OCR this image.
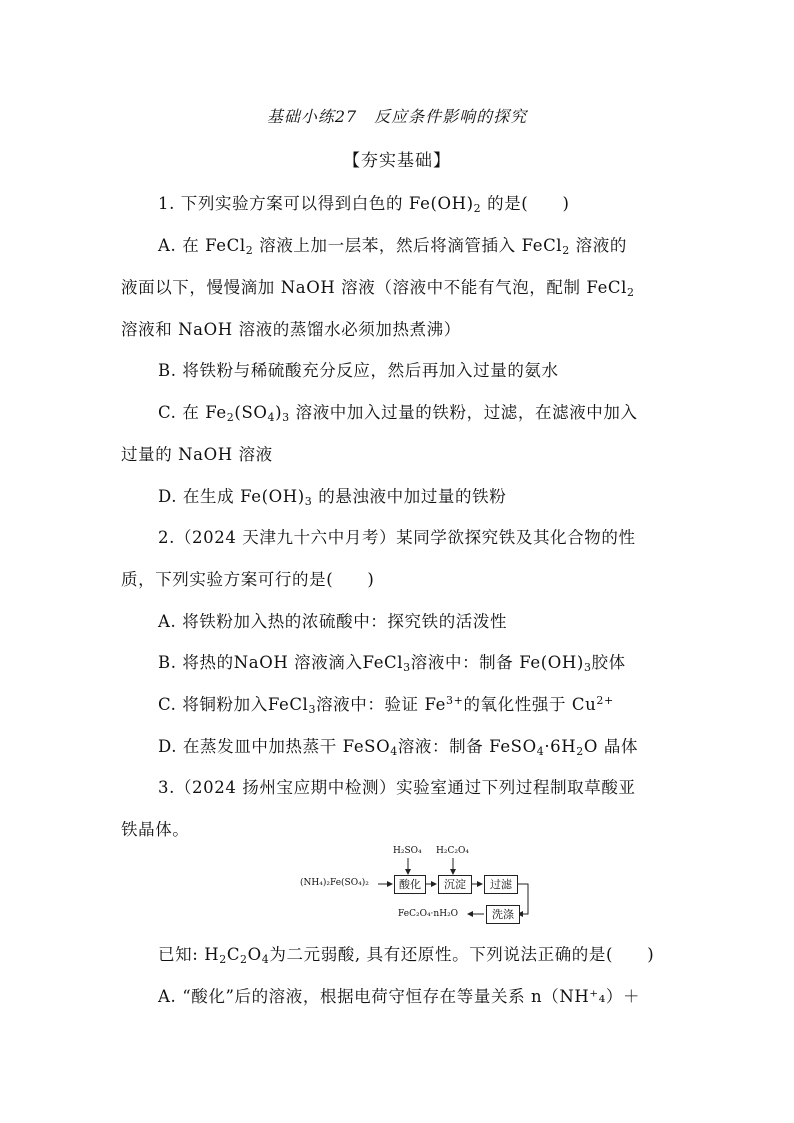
基础小练27　反应条件影响的探究
【夯实基础】
1. 下列实验方案可以得到白色的 $Fe(OH)_2$ 的是(　　)
A. 在 FeCl$_2$ 溶液上加一层苯，然后将滴管插入 FeCl$_2$ 溶液的
液面以下，慢慢滴加 NaOH 溶液（溶液中不能有气泡，配制 FeCl$_2$
溶液和 NaOH 溶液的蒸馏水必须加热煮沸）
B. 将铁粉与稀硫酸充分反应，然后再加入过量的氨水
C. 在 $Fe_2(SO_4)_3$ 溶液中加入过量的铁粉，过滤，在滤液中加入
过量的 NaOH 溶液
D. 在生成 $Fe(OH)_3$ 的悬浊液中加过量的铁粉
2.（2024 天津九十六中月考）某同学欲探究铁及其化合物的性
质，下列实验方案可行的是(　　)
A. 将铁粉加入热的浓硫酸中：探究铁的活泼性
B. 将热的NaOH 溶液滴入FeCl$_3$溶液中：制备 $Fe(OH)_3$胶体
C. 将铜粉加入FeCl$_3$溶液中：验证 $Fe^{3+}$的氧化性强于 $Cu^{2+}$
D. 在蒸发皿中加热蒸干 FeSO$_4$溶液：制备 $FeSO_4\cdot 6H_2O$ 晶体
3.（2024 扬州宝应期中检测）实验室通过下列过程制取草酸亚
铁晶体。
H₂SO₄ H₂C₂O₄
(NH₄)₂Fe(SO₄)₂	酸化	沉淀	过滤
洗涤
FeC₂O₄·nH₂O
已知: $H_2C_2O_4$为二元弱酸, 具有还原性。下列说法正确的是(　　)
A. “酸化”后的溶液，根据电荷守恒存在等量关系 n（NH⁺₄）＋
